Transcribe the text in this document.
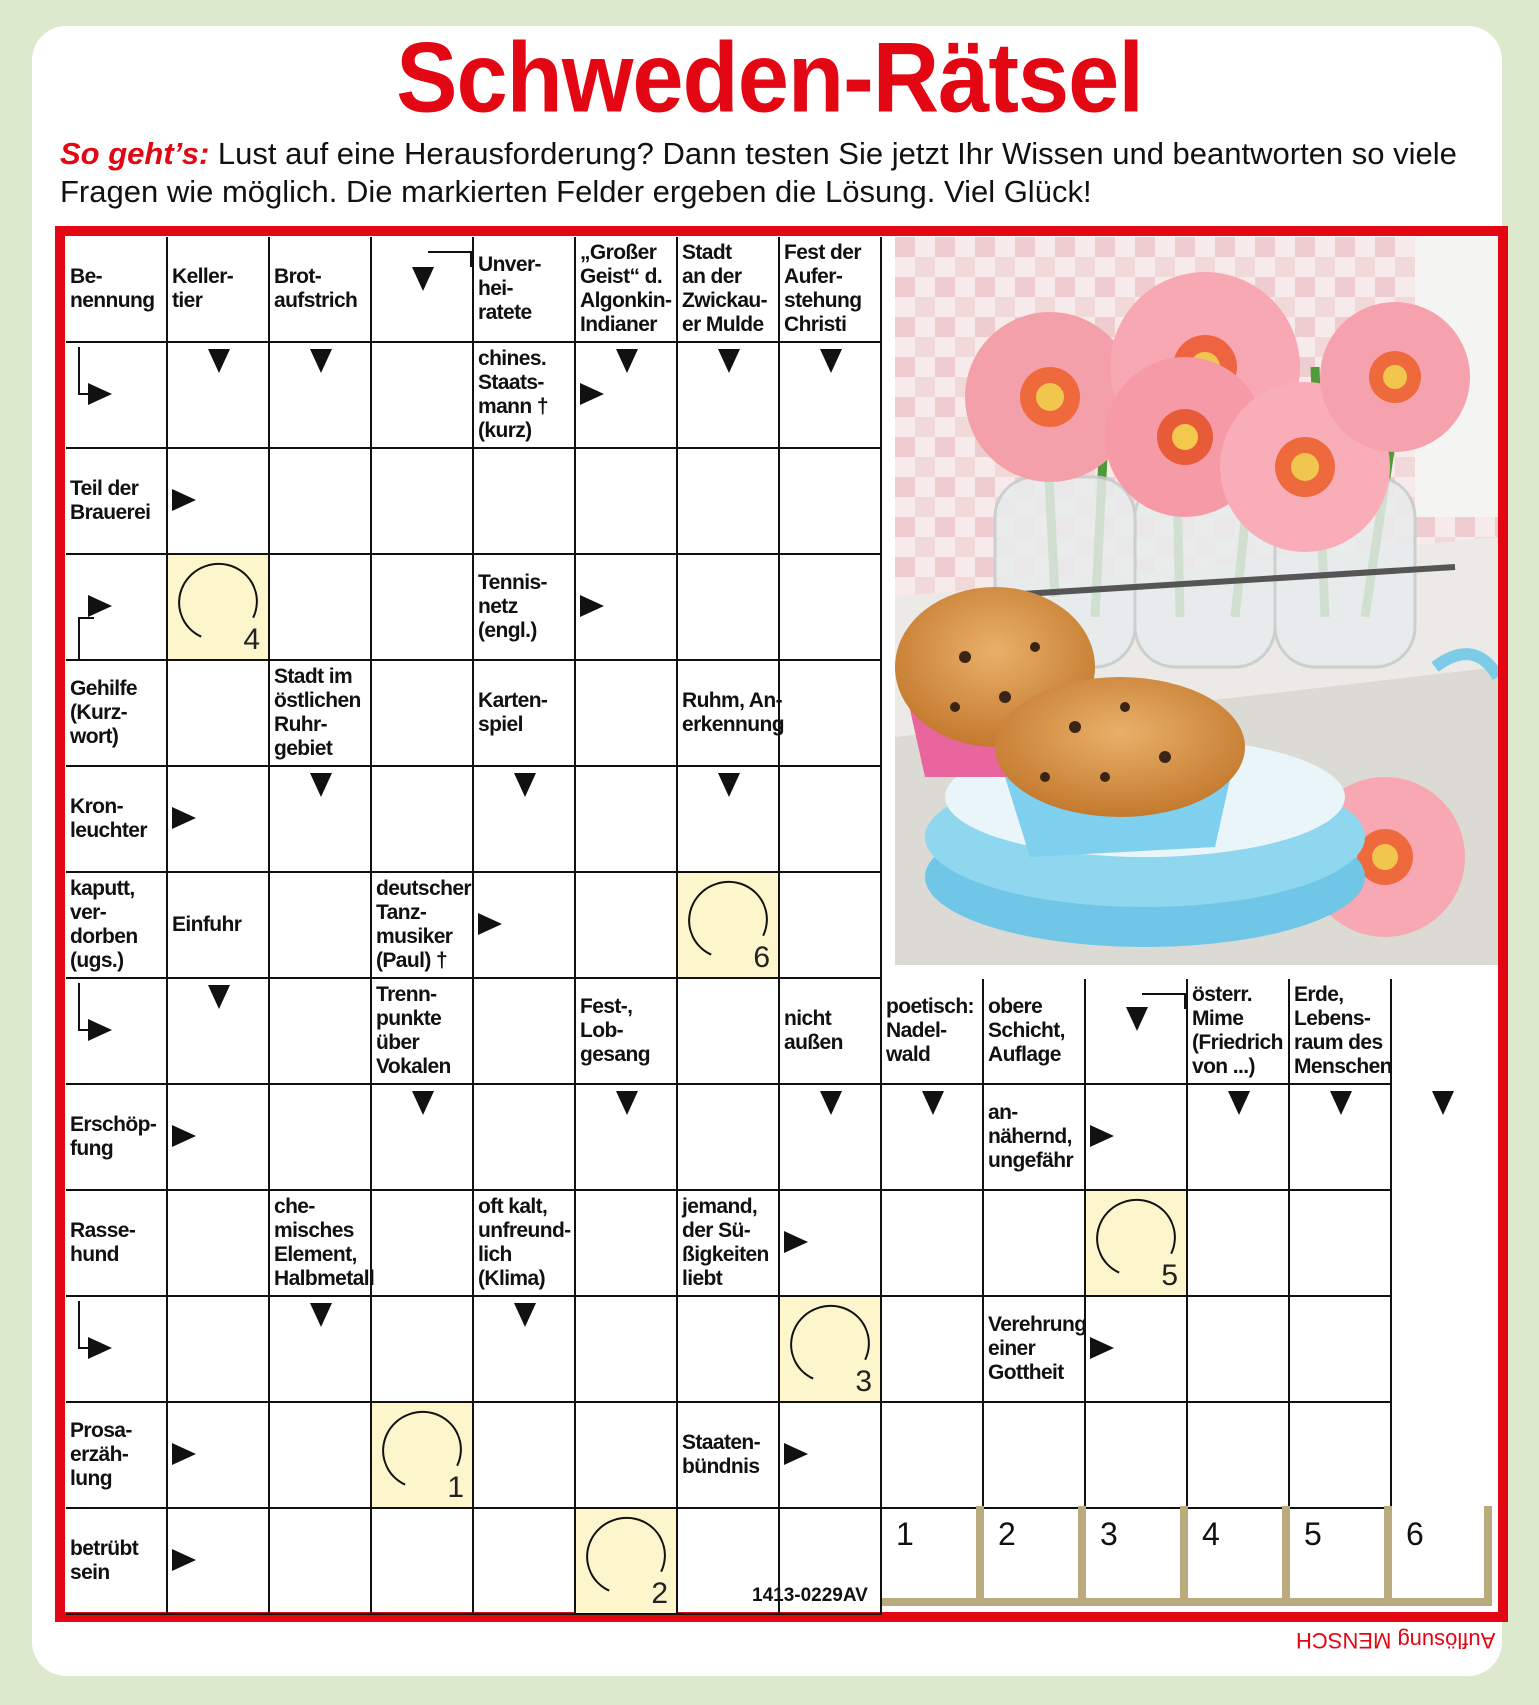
Schweden-Rätsel
So geht’s: Lust auf eine Herausforderung? Dann testen Sie jetzt Ihr Wissen und beantworten so viele Fragen wie möglich. Die markierten Felder ergeben die Lösung. Viel Glück!
Be-
nennung
Keller-
tier
Brot-
aufstrich
Unver-
hei-
ratete
„Großer
Geist“ d.
Algonkin-
Indianer
Stadt
an der
Zwickau-
er Mulde
Fest der
Aufer-
stehung
Christi
chines.
Staats-
mann †
(kurz)
Teil der
Brauerei
4
Tennis-
netz
(engl.)
Gehilfe
(Kurz-
wort)
Stadt im
östlichen
Ruhr-
gebiet
Karten-
spiel
Ruhm, An-
erkennung
Kron-
leuchter
kaputt,
ver-
dorben
(ugs.)
Einfuhr
deutscher
Tanz-
musiker
(Paul) †	6
Trenn-
punkte
über
Vokalen
Fest-,
Lob-
gesang
nicht
außen
poetisch:
Nadel-
wald
obere
Schicht,
Auflage
österr.
Mime
(Friedrich
von ...)
Erde,
Lebens-
raum des
Menschen
Erschöp-
fung
an-
nähernd,
ungefähr
Rasse-
hund
che-
misches
Element,
Halbmetall
oft kalt,
unfreund-
lich
(Klima)
jemand,
der Sü-
ßigkeiten
liebt	5
3
Verehrung
einer
Gottheit
Prosa-
erzäh-
lung	1
Staaten-
bündnis
betrübt
sein
2	1413-0229AV
Auflösung MENSCH
1	2	3	4	5	6
